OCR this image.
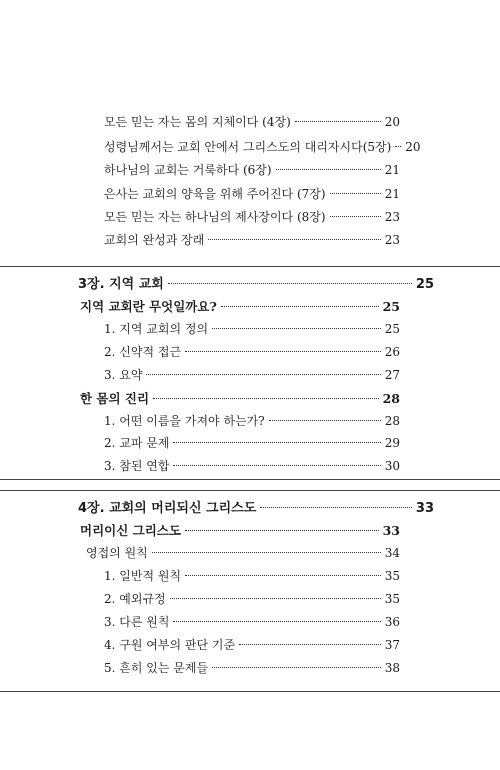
모든 믿는 자는 몸의 지체이다 (4장)	20
성령님께서는 교회 안에서 그리스도의 대리자시다(5장) 20
하나님의 교회는 거룩하다 (6장)	21
은사는 교회의 양육을 위해 주어진다 (7장)	21
모든 믿는 자는 하나님의 제사장이다 (8장)	23
교회의 완성과 장래	23
3장. 지역 교회	25
지역 교회란 무엇일까요?	25
1. 지역 교회의 정의	25
2. 신약적 접근	26
3. 요약	27
한 몸의 진리	28
1. 어떤 이름을 가져야 하는가?	28
2. 교파 문제	29
3. 참된 연합	30
4장. 교회의 머리되신 그리스도	33
머리이신 그리스도	33
영접의 원칙	34
1. 일반적 원칙	35
2. 예외규정	35
3. 다른 원칙	36
4. 구원 여부의 판단 기준	37
5. 흔히 있는 문제들	38
